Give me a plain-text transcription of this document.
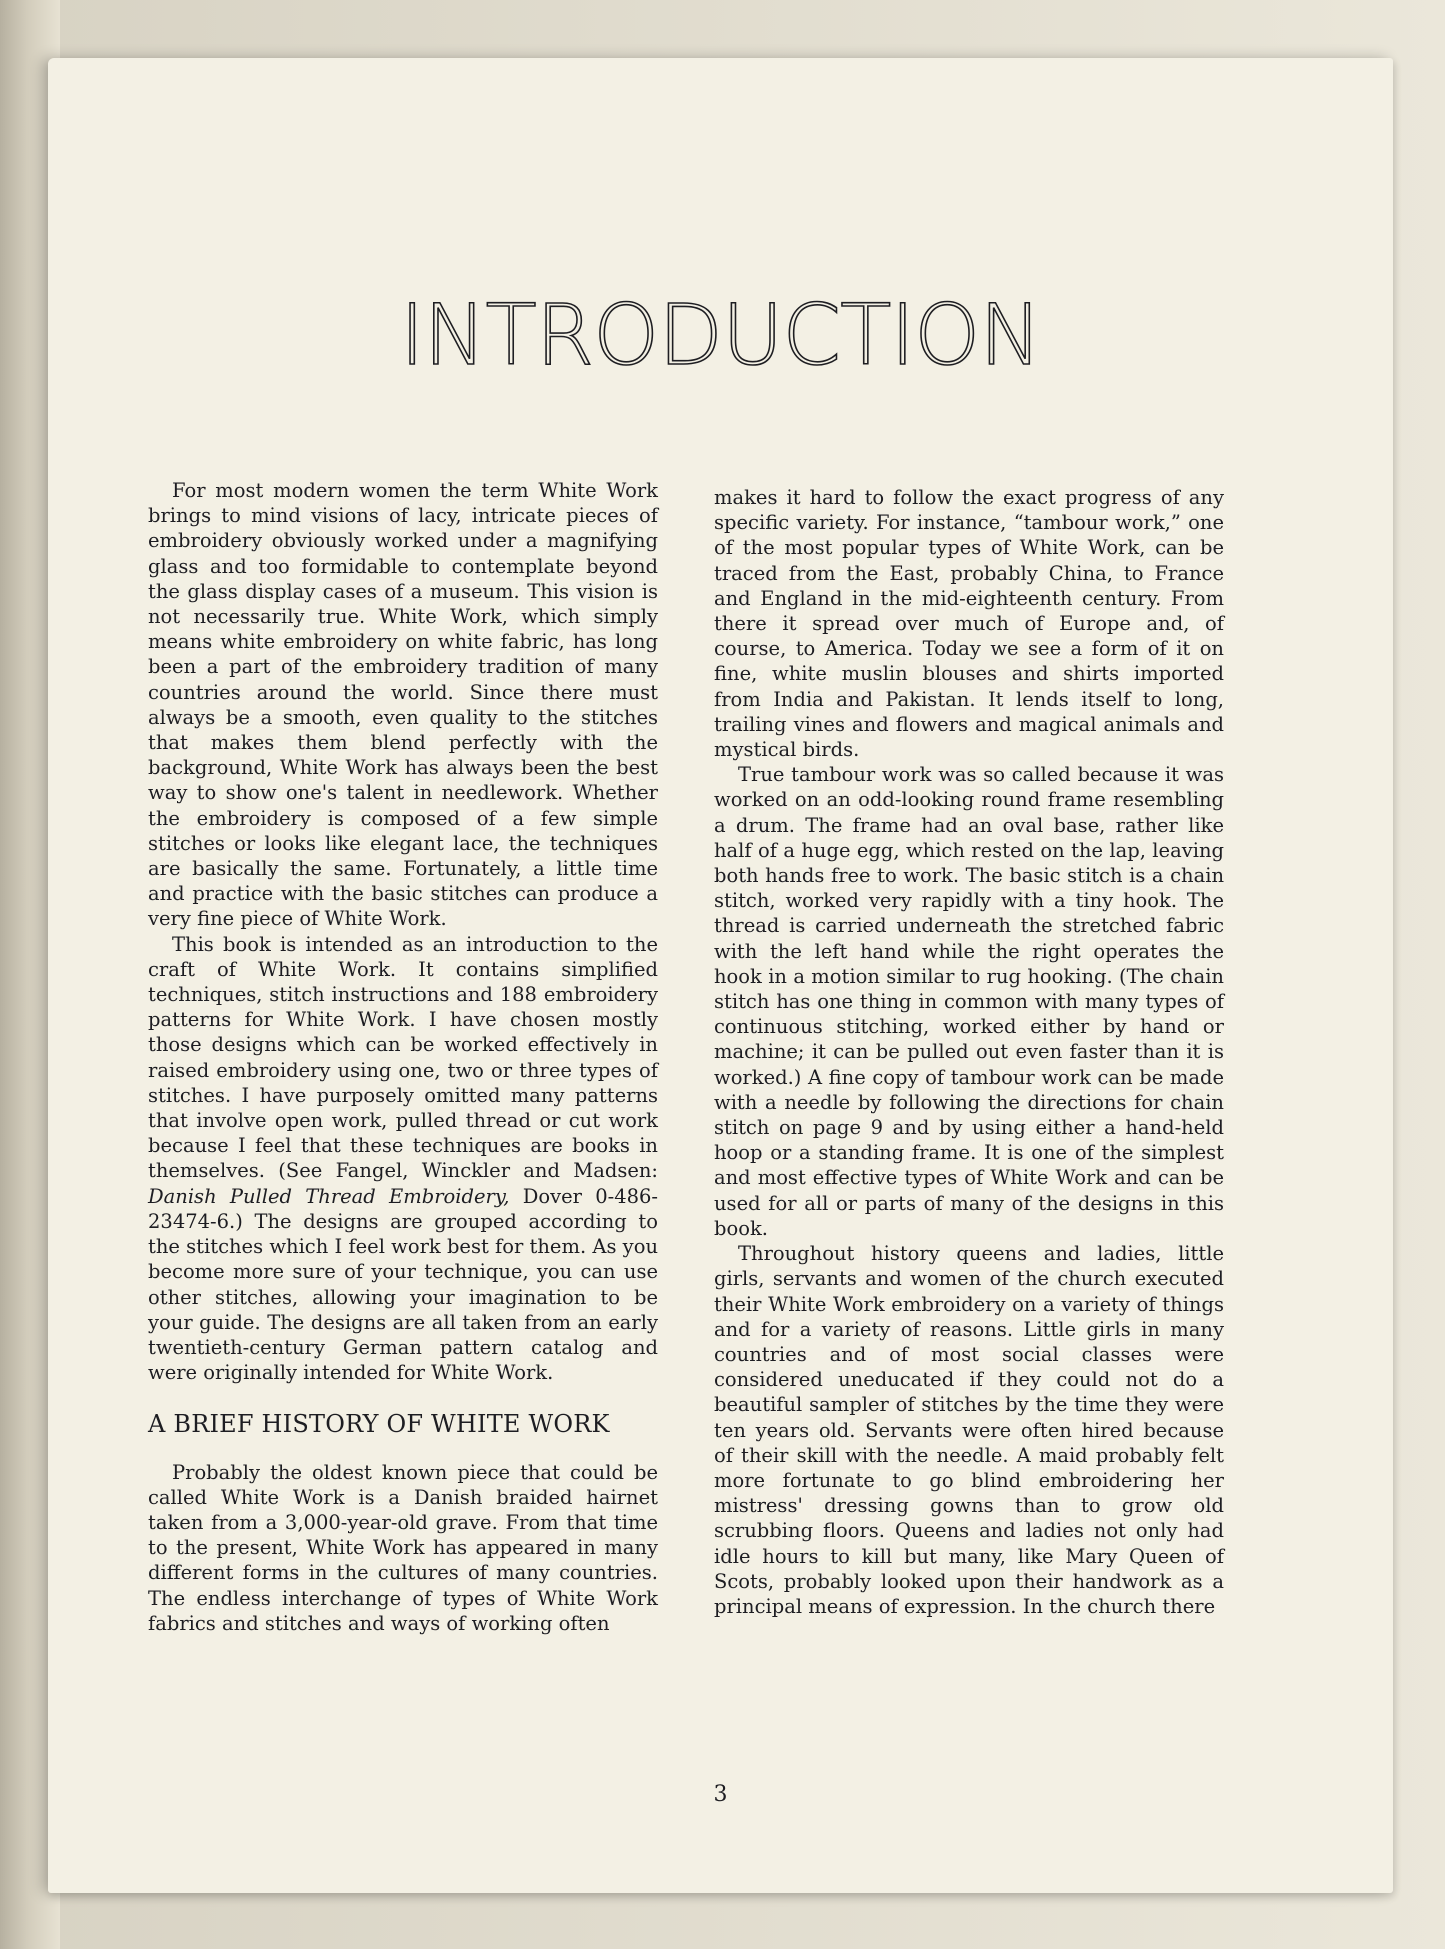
INTRODUCTION

For most modern women the term White Work brings to mind visions of lacy, intricate pieces of embroidery obviously worked under a magnifying glass and too formidable to contemplate beyond the glass display cases of a museum. This vision is not necessarily true. White Work, which simply means white embroidery on white fabric, has long been a part of the embroidery tradition of many countries around the world. Since there must always be a smooth, even quality to the stitches that makes them blend perfectly with the background, White Work has always been the best way to show one's talent in needlework. Whether the embroidery is composed of a few simple stitches or looks like elegant lace, the techniques are basically the same. Fortunately, a little time and practice with the basic stitches can produce a very fine piece of White Work.

This book is intended as an introduction to the craft of White Work. It contains simplified techniques, stitch instructions and 188 embroidery patterns for White Work. I have chosen mostly those designs which can be worked effectively in raised embroidery using one, two or three types of stitches. I have purposely omitted many patterns that involve open work, pulled thread or cut work because I feel that these techniques are books in themselves. (See Fangel, Winckler and Madsen: Danish Pulled Thread Embroidery, Dover 0-486-23474-6.) The designs are grouped according to the stitches which I feel work best for them. As you become more sure of your technique, you can use other stitches, allowing your imagination to be your guide. The designs are all taken from an early twentieth-century German pattern catalog and were originally intended for White Work.

A BRIEF HISTORY OF WHITE WORK

Probably the oldest known piece that could be called White Work is a Danish braided hairnet taken from a 3,000-year-old grave. From that time to the present, White Work has appeared in many different forms in the cultures of many countries. The endless interchange of types of White Work fabrics and stitches and ways of working often

makes it hard to follow the exact progress of any specific variety. For instance, “tambour work,” one of the most popular types of White Work, can be traced from the East, probably China, to France and England in the mid-eighteenth century. From there it spread over much of Europe and, of course, to America. Today we see a form of it on fine, white muslin blouses and shirts imported from India and Pakistan. It lends itself to long, trailing vines and flowers and magical animals and mystical birds.

True tambour work was so called because it was worked on an odd-looking round frame resembling a drum. The frame had an oval base, rather like half of a huge egg, which rested on the lap, leaving both hands free to work. The basic stitch is a chain stitch, worked very rapidly with a tiny hook. The thread is carried underneath the stretched fabric with the left hand while the right operates the hook in a motion similar to rug hooking. (The chain stitch has one thing in common with many types of continuous stitching, worked either by hand or machine; it can be pulled out even faster than it is worked.) A fine copy of tambour work can be made with a needle by following the directions for chain stitch on page 9 and by using either a hand-held hoop or a standing frame. It is one of the simplest and most effective types of White Work and can be used for all or parts of many of the designs in this book.

Throughout history queens and ladies, little girls, servants and women of the church executed their White Work embroidery on a variety of things and for a variety of reasons. Little girls in many countries and of most social classes were considered uneducated if they could not do a beautiful sampler of stitches by the time they were ten years old. Servants were often hired because of their skill with the needle. A maid probably felt more fortunate to go blind embroidering her mistress' dressing gowns than to grow old scrubbing floors. Queens and ladies not only had idle hours to kill but many, like Mary Queen of Scots, probably looked upon their handwork as a principal means of expression. In the church there

3
